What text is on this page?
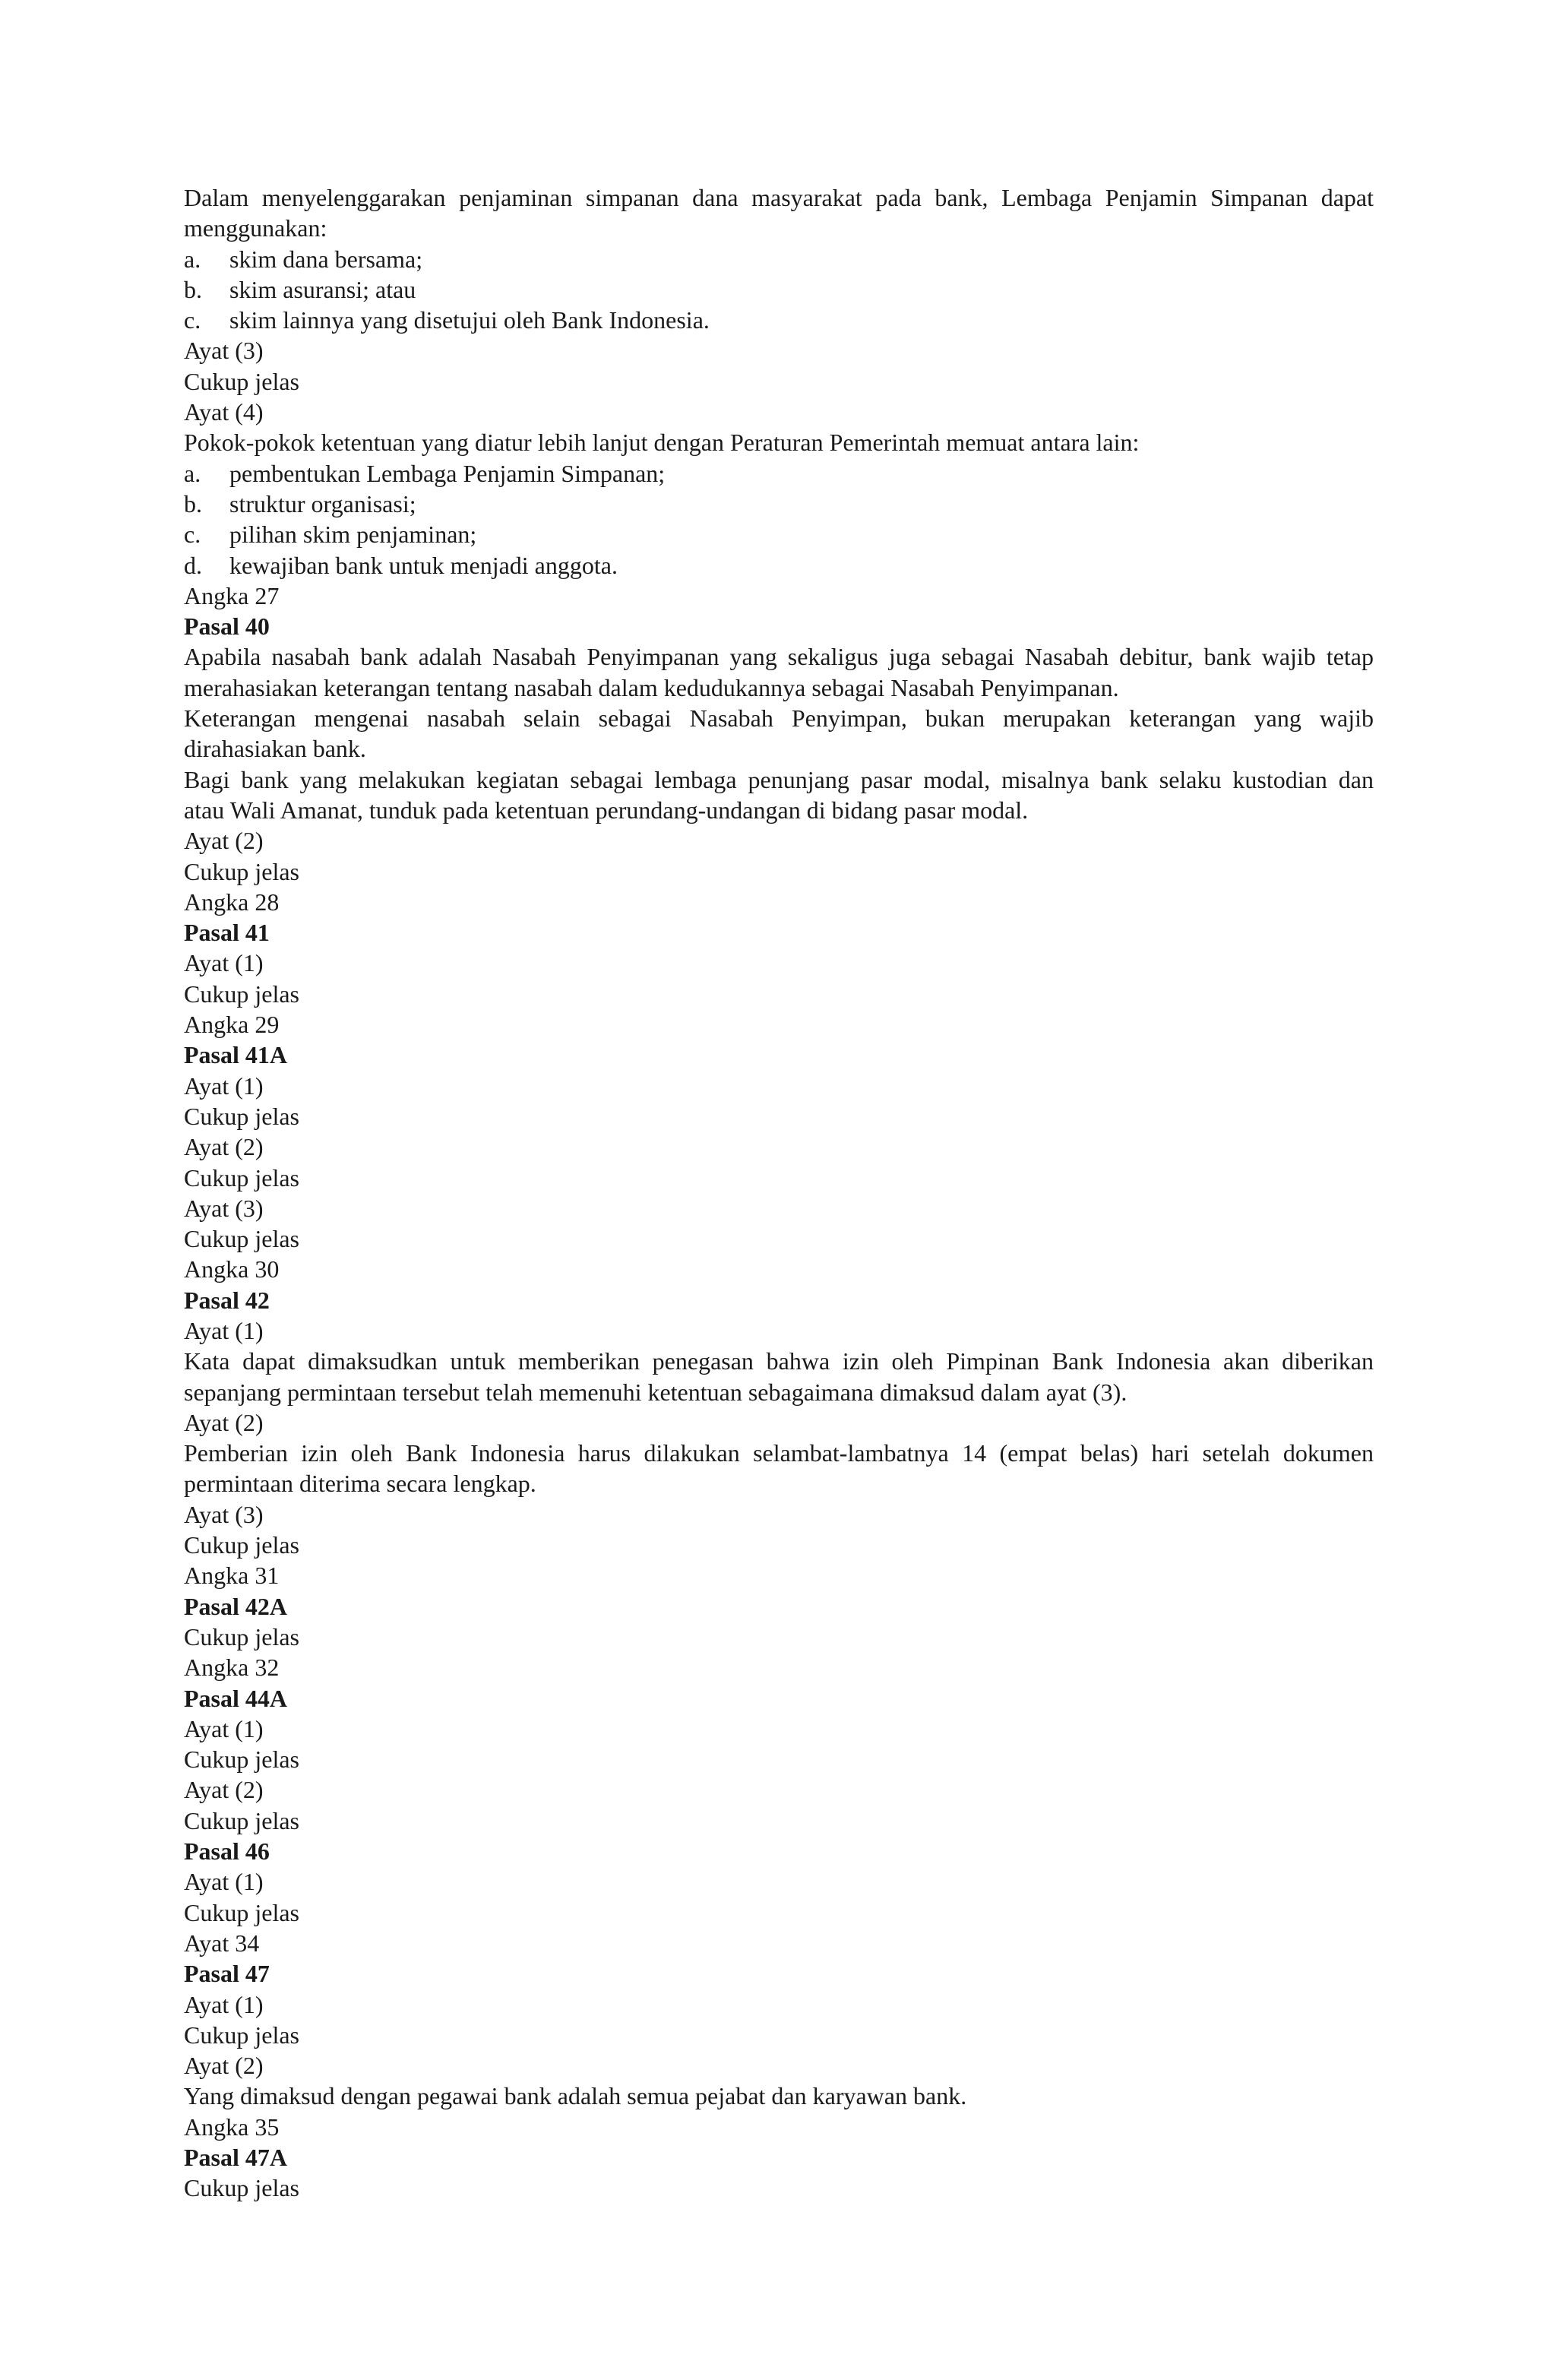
Dalam menyelenggarakan penjaminan simpanan dana masyarakat pada bank, Lembaga Penjamin Simpanan dapat
menggunakan:
a. skim dana bersama;
b. skim asuransi; atau
c. skim lainnya yang disetujui oleh Bank Indonesia.
Ayat (3)
Cukup jelas
Ayat (4)
Pokok-pokok ketentuan yang diatur lebih lanjut dengan Peraturan Pemerintah memuat antara lain:
a. pembentukan Lembaga Penjamin Simpanan;
b. struktur organisasi;
c. pilihan skim penjaminan;
d. kewajiban bank untuk menjadi anggota.
Angka 27
Pasal 40
Apabila nasabah bank adalah Nasabah Penyimpanan yang sekaligus juga sebagai Nasabah debitur, bank wajib tetap
merahasiakan keterangan tentang nasabah dalam kedudukannya sebagai Nasabah Penyimpanan.
Keterangan mengenai nasabah selain sebagai Nasabah Penyimpan, bukan merupakan keterangan yang wajib
dirahasiakan bank.
Bagi bank yang melakukan kegiatan sebagai lembaga penunjang pasar modal, misalnya bank selaku kustodian dan
atau Wali Amanat, tunduk pada ketentuan perundang-undangan di bidang pasar modal.
Ayat (2)
Cukup jelas
Angka 28
Pasal 41
Ayat (1)
Cukup jelas
Angka 29
Pasal 41A
Ayat (1)
Cukup jelas
Ayat (2)
Cukup jelas
Ayat (3)
Cukup jelas
Angka 30
Pasal 42
Ayat (1)
Kata dapat dimaksudkan untuk memberikan penegasan bahwa izin oleh Pimpinan Bank Indonesia akan diberikan
sepanjang permintaan tersebut telah memenuhi ketentuan sebagaimana dimaksud dalam ayat (3).
Ayat (2)
Pemberian izin oleh Bank Indonesia harus dilakukan selambat-lambatnya 14 (empat belas) hari setelah dokumen
permintaan diterima secara lengkap.
Ayat (3)
Cukup jelas
Angka 31
Pasal 42A
Cukup jelas
Angka 32
Pasal 44A
Ayat (1)
Cukup jelas
Ayat (2)
Cukup jelas
Pasal 46
Ayat (1)
Cukup jelas
Ayat 34
Pasal 47
Ayat (1)
Cukup jelas
Ayat (2)
Yang dimaksud dengan pegawai bank adalah semua pejabat dan karyawan bank.
Angka 35
Pasal 47A
Cukup jelas
